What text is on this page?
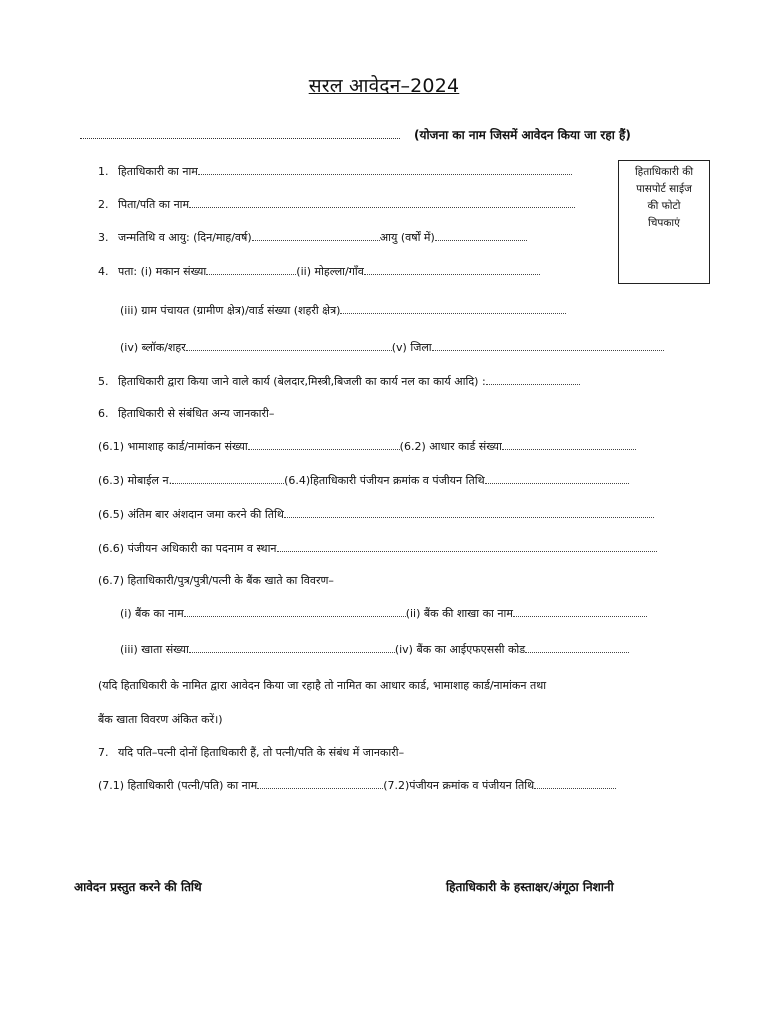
सरल आवेदन–2024
(योजना का नाम जिसमें आवेदन किया जा रहा हैं)
हिताधिकारी की
पासपोर्ट साईज
की फोटो
चिपकाएं
1. हिताधिकारी का नाम
2. पिता/पति का नाम
3. जन्मतिथि व आयु: (दिन/माह/वर्ष)	आयु (वर्षों में)
4. पता: (i) मकान संख्या	(ii) मोहल्ला/गाँव
(iii) ग्राम पंचायत (ग्रामीण क्षेत्र)/वार्ड संख्या (शहरी क्षेत्र)
(iv) ब्लॉक/शहर	(v) जिला
5. हिताधिकारी द्वारा किया जाने वाले कार्य (बेलदार,मिस्त्री,बिजली का कार्य नल का कार्य आदि) :
6. हिताधिकारी से संबंधित अन्य जानकारी–
(6.1) भामाशाह कार्ड/नामांकन संख्या	(6.2) आधार कार्ड संख्या
(6.3) मोबाईल न.	(6.4)हिताधिकारी पंजीयन क्रमांक व पंजीयन तिथि
(6.5) अंतिम बार अंशदान जमा करने की तिथि
(6.6) पंजीयन अधिकारी का पदनाम व स्थान
(6.7) हिताधिकारी/पुत्र/पुत्री/पत्नी के बैंक खाते का विवरण–
(i) बैंक का नाम	(ii) बैंक की शाखा का नाम
(iii) खाता संख्या	(iv) बैंक का आईएफएससी कोड
(यदि हिताधिकारी के नामित द्वारा आवेदन किया जा रहाहै तो नामित का आधार कार्ड, भामाशाह कार्ड/नामांकन तथा
बैंक खाता विवरण अंकित करें।)
7. यदि पति–पत्नी दोनों हिताधिकारी हैं, तो पत्नी/पति के संबंध में जानकारी–
(7.1) हिताधिकारी (पत्नी/पति) का नाम	(7.2)पंजीयन क्रमांक व पंजीयन तिथि
आवेदन प्रस्तुत करने की तिथि	हिताधिकारी के हस्ताक्षर/अंगूठा निशानी
